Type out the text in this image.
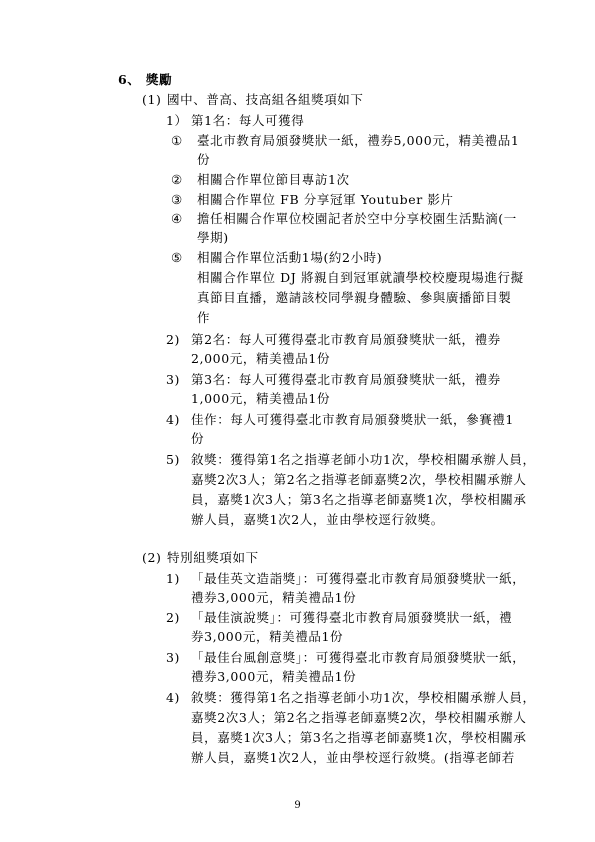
6、 獎勵
(1) 國中、普高、技高組各組獎項如下
1） 第1名：每人可獲得
① 臺北市教育局頒發獎狀一紙，禮券5,000元，精美禮品1
份
② 相關合作單位節目專訪1次
③ 相關合作單位 FB 分享冠軍 Youtuber 影片
④ 擔任相關合作單位校園記者於空中分享校園生活點滴(一
學期)
⑤ 相關合作單位活動1場(約2小時)
相關合作單位 DJ 將親自到冠軍就讀學校校慶現場進行擬
真節目直播，邀請該校同學親身體驗、參與廣播節目製
作
2) 第2名：每人可獲得臺北市教育局頒發獎狀一紙，禮券
2,000元，精美禮品1份
3) 第3名：每人可獲得臺北市教育局頒發獎狀一紙，禮券
1,000元，精美禮品1份
4) 佳作：每人可獲得臺北市教育局頒發獎狀一紙，參賽禮1
份
5) 敘獎：獲得第1名之指導老師小功1次，學校相關承辦人員，
嘉獎2次3人；第2名之指導老師嘉獎2次，學校相關承辦人
員，嘉獎1次3人；第3名之指導老師嘉獎1次，學校相關承
辦人員，嘉獎1次2人，並由學校逕行敘獎。
(2) 特別組獎項如下
1) 「最佳英文造詣獎」：可獲得臺北市教育局頒發獎狀一紙，
禮券3,000元，精美禮品1份
2) 「最佳演說獎」：可獲得臺北市教育局頒發獎狀一紙，禮
券3,000元，精美禮品1份
3) 「最佳台風創意獎」：可獲得臺北市教育局頒發獎狀一紙，
禮券3,000元，精美禮品1份
4) 敘獎：獲得第1名之指導老師小功1次，學校相關承辦人員，
嘉獎2次3人；第2名之指導老師嘉獎2次，學校相關承辦人
員，嘉獎1次3人；第3名之指導老師嘉獎1次，學校相關承
辦人員，嘉獎1次2人，並由學校逕行敘獎。(指導老師若
9
